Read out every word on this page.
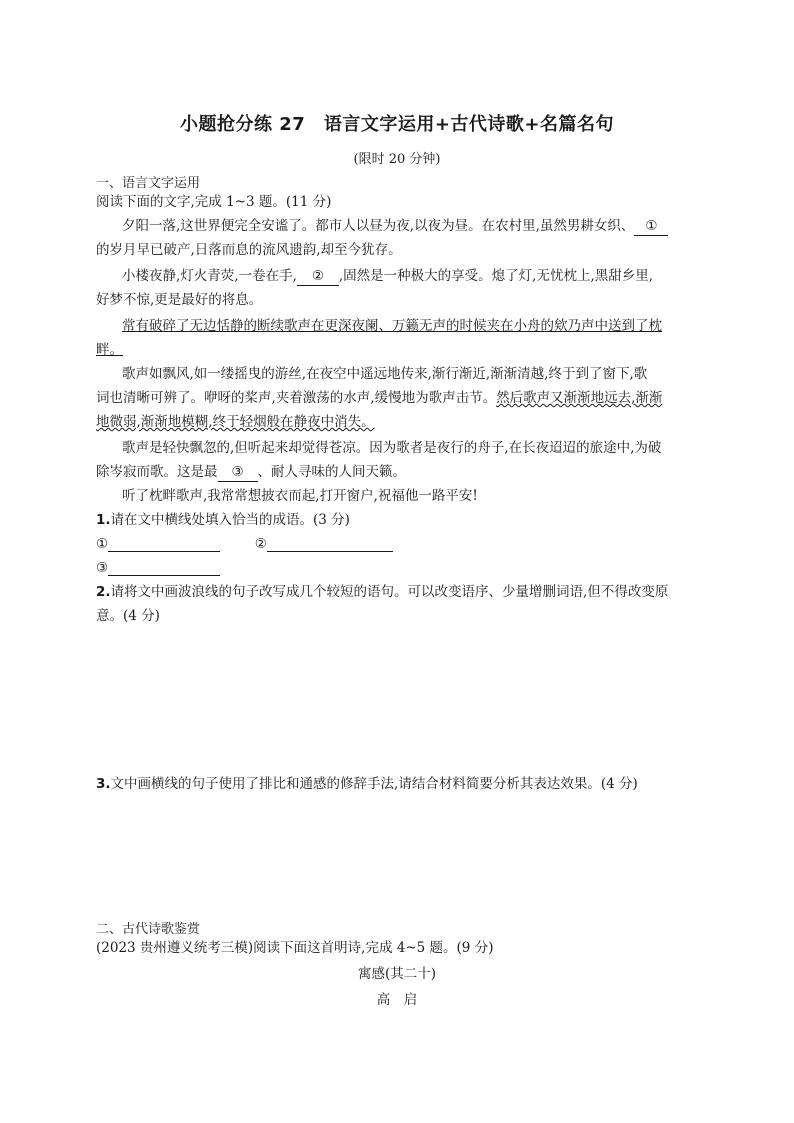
小题抢分练 27　语言文字运用+古代诗歌+名篇名句
(限时 20 分钟)
一、语言文字运用
阅读下面的文字,完成 1~3 题。(11 分)
夕阳一落,这世界便完全安谧了。都市人以昼为夜,以夜为昼。在农村里,虽然男耕女织、 ①
的岁月早已破产,日落而息的流风遗韵,却至今犹存。
小楼夜静,灯火青荧,一卷在手, ② ,固然是一种极大的享受。熄了灯,无忧枕上,黑甜乡里,
好梦不惊,更是最好的将息。
常有破碎了无边恬静的断续歌声在更深夜阑、万籁无声的时候夹在小舟的欸乃声中送到了枕
畔。
歌声如飘风,如一缕摇曳的游丝,在夜空中遥远地传来,渐行渐近,渐渐清越,终于到了窗下,歌
词也清晰可辨了。咿呀的桨声,夹着激荡的水声,缓慢地为歌声击节。然后歌声又渐渐地远去,渐渐
地微弱,渐渐地模糊,终于轻烟般在静夜中消失。
歌声是轻快飘忽的,但听起来却觉得苍凉。因为歌者是夜行的舟子,在长夜迢迢的旅途中,为破
除岑寂而歌。这是最 ③ 、耐人寻味的人间天籁。
听了枕畔歌声,我常常想披衣而起,打开窗户,祝福他一路平安!
1.请在文中横线处填入恰当的成语。(3 分)
①	②
③
2.请将文中画波浪线的句子改写成几个较短的语句。可以改变语序、少量增删词语,但不得改变原
意。(4 分)
3.文中画横线的句子使用了排比和通感的修辞手法,请结合材料简要分析其表达效果。(4 分)
二、古代诗歌鉴赏
(2023 贵州遵义统考三模)阅读下面这首明诗,完成 4~5 题。(9 分)
寓感(其二十)
高　启
